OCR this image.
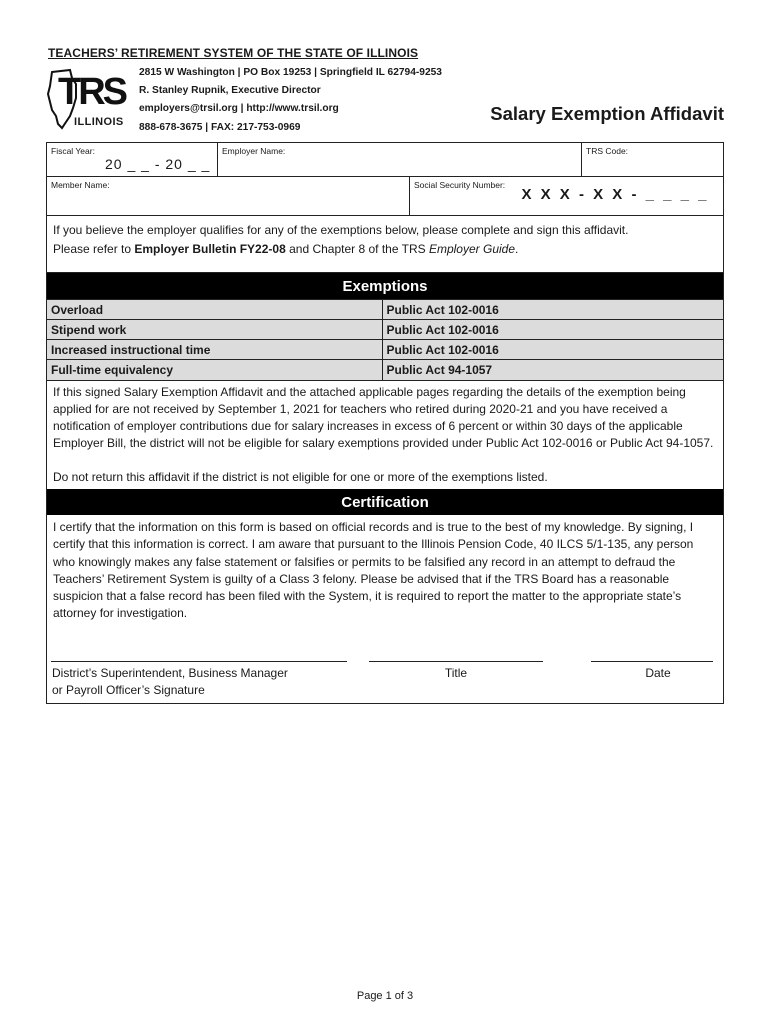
TEACHERS’ RETIREMENT SYSTEM OF THE STATE OF ILLINOIS
TRS
ILLINOIS
2815 W Washington | PO Box 19253 | Springfield IL 62794-9253
R. Stanley Rupnik, Executive Director
employers@trsil.org | http://www.trsil.org
888-678-3675 | FAX: 217-753-0969
Salary Exemption Affidavit
Fiscal Year:
20 _ _ - 20 _ _
Employer Name:	TRS Code:
Member Name:	Social Security Number:
X X X - X X - _ _ _ _
If you believe the employer qualifies for any of the exemptions below, please complete and sign this affidavit.
Please refer to Employer Bulletin FY22-08 and Chapter 8 of the TRS Employer Guide.
Exemptions
Overload	Public Act 102-0016
Stipend work	Public Act 102-0016
Increased instructional time	Public Act 102-0016
Full-time equivalency	Public Act 94-1057
If this signed Salary Exemption Affidavit and the attached applicable pages regarding the details of the exemption being applied for are not received by September 1, 2021 for teachers who retired during 2020-21 and you have received a notification of employer contributions due for salary increases in excess of 6 percent or within 30 days of the applicable Employer Bill, the district will not be eligible for salary exemptions provided under Public Act 102-0016 or Public Act 94-1057.
Do not return this affidavit if the district is not eligible for one or more of the exemptions listed.
Certification
I certify that the information on this form is based on official records and is true to the best of my knowledge. By signing, I certify that this information is correct. I am aware that pursuant to the Illinois Pension Code, 40 ILCS 5/1-135, any person who knowingly makes any false statement or falsifies or permits to be falsified any record in an attempt to defraud the Teachers’ Retirement System is guilty of a Class 3 felony. Please be advised that if the TRS Board has a reasonable suspicion that a false record has been filed with the System, it is required to report the matter to the appropriate state’s attorney for investigation.
District’s Superintendent, Business Manager
or Payroll Officer’s Signature
Title	Date
Page 1 of 3
